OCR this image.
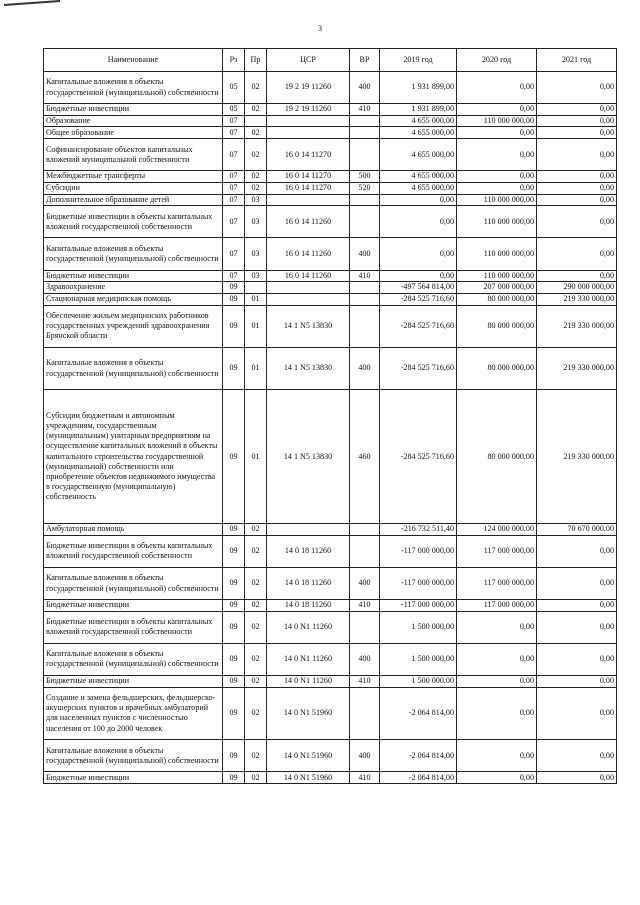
3
Наименование	Рз	Пр	ЦСР	ВР	2019 год	2020 год	2021 год
Капитальные вложения в объекты государственной (муниципальной) собственности	05	02	19 2 19 11260	400	1 931 899,00	0,00	0,00
Бюджетные инвестиции	05	02	19 2 19 11260	410	1 931 899,00	0,00	0,00
Образование	07				4 655 000,00	110 000 000,00	0,00
Общее образование	07	02			4 655 000,00	0,00	0,00
Софинансирование объектов капитальных вложений муниципальной собственности	07	02	16 0 14 11270		4 655 000,00	0,00	0,00
Межбюджетные трансферты	07	02	16 0 14 11270	500	4 655 000,00	0,00	0,00
Субсидии	07	02	16 0 14 11270	520	4 655 000,00	0,00	0,00
Дополнительное образование детей	07	03			0,00	110 000 000,00	0,00
Бюджетные инвестиции в объекты капитальных вложений государственной собственности	07	03	16 0 14 11260		0,00	110 000 000,00	0,00
Капитальные вложения в объекты государственной (муниципальной) собственности	07	03	16 0 14 11260	400	0,00	110 000 000,00	0,00
Бюджетные инвестиции	07	03	16 0 14 11260	410	0,00	110 000 000,00	0,00
Здравоохранение	09				-497 564 814,00	207 000 000,00	290 000 000,00
Стационарная медицинская помощь	09	01			-284 525 716,60	80 000 000,00	219 330 000,00
Обеспечение жильем медицинских работников государственных учреждений здравоохранения Брянской области	09	01	14 1 N5 13830		-284 525 716,60	80 000 000,00	219 330 000,00
Капитальные вложения в объекты государственной (муниципальной) собственности	09	01	14 1 N5 13830	400	-284 525 716,60	80 000 000,00	219 330 000,00
Субсидии бюджетным и автономным учреждениям, государственным (муниципальным) унитарным предприятиям на осуществление капитальных вложений в объекты капитального строительства государственной (муниципальной) собственности или приобретение объектов недвижимого имущества в государственную (муниципальную) собственность	09	01	14 1 N5 13830	460	-284 525 716,60	80 000 000,00	219 330 000,00
Амбулаторная помощь	09	02			-216 732 511,40	124 000 000,00	70 670 000,00
Бюджетные инвестиции в объекты капитальных вложений государственной собственности	09	02	14 0 18 11260		-117 000 000,00	117 000 000,00	0,00
Капитальные вложения в объекты государственной (муниципальной) собственности	09	02	14 0 18 11260	400	-117 000 000,00	117 000 000,00	0,00
Бюджетные инвестиции	09	02	14 0 18 11260	410	-117 000 000,00	117 000 000,00	0,00
Бюджетные инвестиции в объекты капитальных вложений государственной собственности	09	02	14 0 N1 11260		1 500 000,00	0,00	0,00
Капитальные вложения в объекты государственной (муниципальной) собственности	09	02	14 0 N1 11260	400	1 500 000,00	0,00	0,00
Бюджетные инвестиции	09	02	14 0 N1 11260	410	1 500 000,00	0,00	0,00
Создание и замена фельдшерских, фельдшерско-акушерских пунктов и врачебных амбулаторий для населенных пунктов с численностью населения от 100 до 2000 человек	09	02	14 0 N1 51960		-2 064 814,00	0,00	0,00
Капитальные вложения в объекты государственной (муниципальной) собственности	09	02	14 0 N1 51960	400	-2 064 814,00	0,00	0,00
Бюджетные инвестиции	09	02	14 0 N1 51960	410	-2 064 814,00	0,00	0,00
